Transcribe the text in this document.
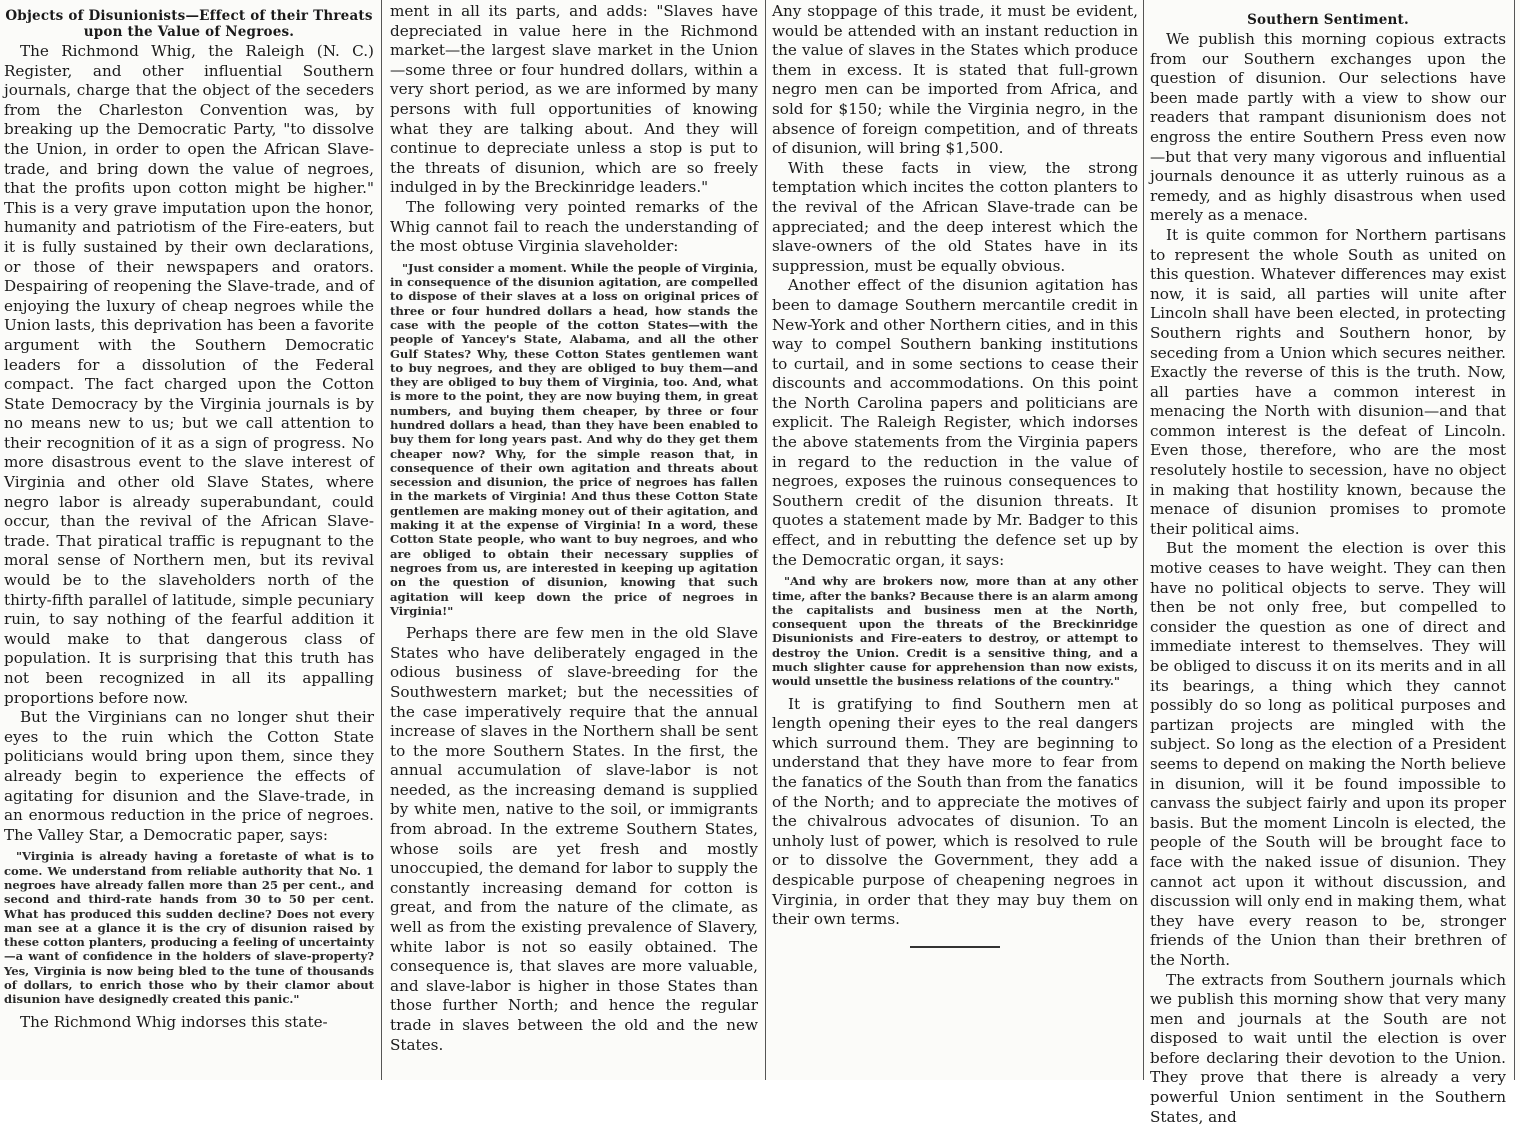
Objects of Disunionists—Effect of their Threats upon the Value of Negroes.

The Richmond Whig, the Raleigh (N. C.) Register, and other influential Southern journals, charge that the object of the seceders from the Charleston Convention was, by breaking up the Democratic Party, "to dissolve the Union, in order to open the African Slave-trade, and bring down the value of negroes, that the profits upon cotton might be higher." This is a very grave imputation upon the honor, humanity and patriotism of the Fire-eaters, but it is fully sustained by their own declarations, or those of their newspapers and orators. Despairing of reopening the Slave-trade, and of enjoying the luxury of cheap negroes while the Union lasts, this deprivation has been a favorite argument with the Southern Democratic leaders for a dissolution of the Federal compact. The fact charged upon the Cotton State Democracy by the Virginia journals is by no means new to us; but we call attention to their recognition of it as a sign of progress. No more disastrous event to the slave interest of Virginia and other old Slave States, where negro labor is already superabundant, could occur, than the revival of the African Slave-trade. That piratical traffic is repugnant to the moral sense of Northern men, but its revival would be to the slaveholders north of the thirty-fifth parallel of latitude, simple pecuniary ruin, to say nothing of the fearful addition it would make to that dangerous class of population. It is surprising that this truth has not been recognized in all its appalling proportions before now.

But the Virginians can no longer shut their eyes to the ruin which the Cotton State politicians would bring upon them, since they already begin to experience the effects of agitating for disunion and the Slave-trade, in an enormous reduction in the price of negroes. The Valley Star, a Democratic paper, says:

"Virginia is already having a foretaste of what is to come. We understand from reliable authority that No. 1 negroes have already fallen more than 25 per cent., and second and third-rate hands from 30 to 50 per cent. What has produced this sudden decline? Does not every man see at a glance it is the cry of disunion raised by these cotton planters, producing a feeling of uncertainty—a want of confidence in the holders of slave-property? Yes, Virginia is now being bled to the tune of thousands of dollars, to enrich those who by their clamor about disunion have designedly created this panic."

The Richmond Whig indorses this state-

ment in all its parts, and adds: "Slaves have depreciated in value here in the Richmond market—the largest slave market in the Union—some three or four hundred dollars, within a very short period, as we are informed by many persons with full opportunities of knowing what they are talking about. And they will continue to depreciate unless a stop is put to the threats of disunion, which are so freely indulged in by the Breckinridge leaders."

The following very pointed remarks of the Whig cannot fail to reach the understanding of the most obtuse Virginia slaveholder:

"Just consider a moment. While the people of Virginia, in consequence of the disunion agitation, are compelled to dispose of their slaves at a loss on original prices of three or four hundred dollars a head, how stands the case with the people of the cotton States—with the people of Yancey's State, Alabama, and all the other Gulf States? Why, these Cotton States gentlemen want to buy negroes, and they are obliged to buy them—and they are obliged to buy them of Virginia, too. And, what is more to the point, they are now buying them, in great numbers, and buying them cheaper, by three or four hundred dollars a head, than they have been enabled to buy them for long years past. And why do they get them cheaper now? Why, for the simple reason that, in consequence of their own agitation and threats about secession and disunion, the price of negroes has fallen in the markets of Virginia! And thus these Cotton State gentlemen are making money out of their agitation, and making it at the expense of Virginia! In a word, these Cotton State people, who want to buy negroes, and who are obliged to obtain their necessary supplies of negroes from us, are interested in keeping up agitation on the question of disunion, knowing that such agitation will keep down the price of negroes in Virginia!"

Perhaps there are few men in the old Slave States who have deliberately engaged in the odious business of slave-breeding for the Southwestern market; but the necessities of the case imperatively require that the annual increase of slaves in the Northern shall be sent to the more Southern States. In the first, the annual accumulation of slave-labor is not needed, as the increasing demand is supplied by white men, native to the soil, or immigrants from abroad. In the extreme Southern States, whose soils are yet fresh and mostly unoccupied, the demand for labor to supply the constantly increasing demand for cotton is great, and from the nature of the climate, as well as from the existing prevalence of Slavery, white labor is not so easily obtained. The consequence is, that slaves are more valuable, and slave-labor is higher in those States than those further North; and hence the regular trade in slaves between the old and the new States.

Any stoppage of this trade, it must be evident, would be attended with an instant reduction in the value of slaves in the States which produce them in excess. It is stated that full-grown negro men can be imported from Africa, and sold for $150; while the Virginia negro, in the absence of foreign competition, and of threats of disunion, will bring $1,500.

With these facts in view, the strong temptation which incites the cotton planters to the revival of the African Slave-trade can be appreciated; and the deep interest which the slave-owners of the old States have in its suppression, must be equally obvious.

Another effect of the disunion agitation has been to damage Southern mercantile credit in New-York and other Northern cities, and in this way to compel Southern banking institutions to curtail, and in some sections to cease their discounts and accommodations. On this point the North Carolina papers and politicians are explicit. The Raleigh Register, which indorses the above statements from the Virginia papers in regard to the reduction in the value of negroes, exposes the ruinous consequences to Southern credit of the disunion threats. It quotes a statement made by Mr. Badger to this effect, and in rebutting the defence set up by the Democratic organ, it says:

"And why are brokers now, more than at any other time, after the banks? Because there is an alarm among the capitalists and business men at the North, consequent upon the threats of the Breckinridge Disunionists and Fire-eaters to destroy, or attempt to destroy the Union. Credit is a sensitive thing, and a much slighter cause for apprehension than now exists, would unsettle the business relations of the country."

It is gratifying to find Southern men at length opening their eyes to the real dangers which surround them. They are beginning to understand that they have more to fear from the fanatics of the South than from the fanatics of the North; and to appreciate the motives of the chivalrous advocates of disunion. To an unholy lust of power, which is resolved to rule or to dissolve the Government, they add a despicable purpose of cheapening negroes in Virginia, in order that they may buy them on their own terms.

Southern Sentiment.

We publish this morning copious extracts from our Southern exchanges upon the question of disunion. Our selections have been made partly with a view to show our readers that rampant disunionism does not engross the entire Southern Press even now—but that very many vigorous and influential journals denounce it as utterly ruinous as a remedy, and as highly disastrous when used merely as a menace.

It is quite common for Northern partisans to represent the whole South as united on this question. Whatever differences may exist now, it is said, all parties will unite after Lincoln shall have been elected, in protecting Southern rights and Southern honor, by seceding from a Union which secures neither. Exactly the reverse of this is the truth. Now, all parties have a common interest in menacing the North with disunion—and that common interest is the defeat of Lincoln. Even those, therefore, who are the most resolutely hostile to secession, have no object in making that hostility known, because the menace of disunion promises to promote their political aims.

But the moment the election is over this motive ceases to have weight. They can then have no political objects to serve. They will then be not only free, but compelled to consider the question as one of direct and immediate interest to themselves. They will be obliged to discuss it on its merits and in all its bearings, a thing which they cannot possibly do so long as political purposes and partizan projects are mingled with the subject. So long as the election of a President seems to depend on making the North believe in disunion, will it be found impossible to canvass the subject fairly and upon its proper basis. But the moment Lincoln is elected, the people of the South will be brought face to face with the naked issue of disunion. They cannot act upon it without discussion, and discussion will only end in making them, what they have every reason to be, stronger friends of the Union than their brethren of the North.

The extracts from Southern journals which we publish this morning show that very many men and journals at the South are not disposed to wait until the election is over before declaring their devotion to the Union. They prove that there is already a very powerful Union sentiment in the Southern States, and
